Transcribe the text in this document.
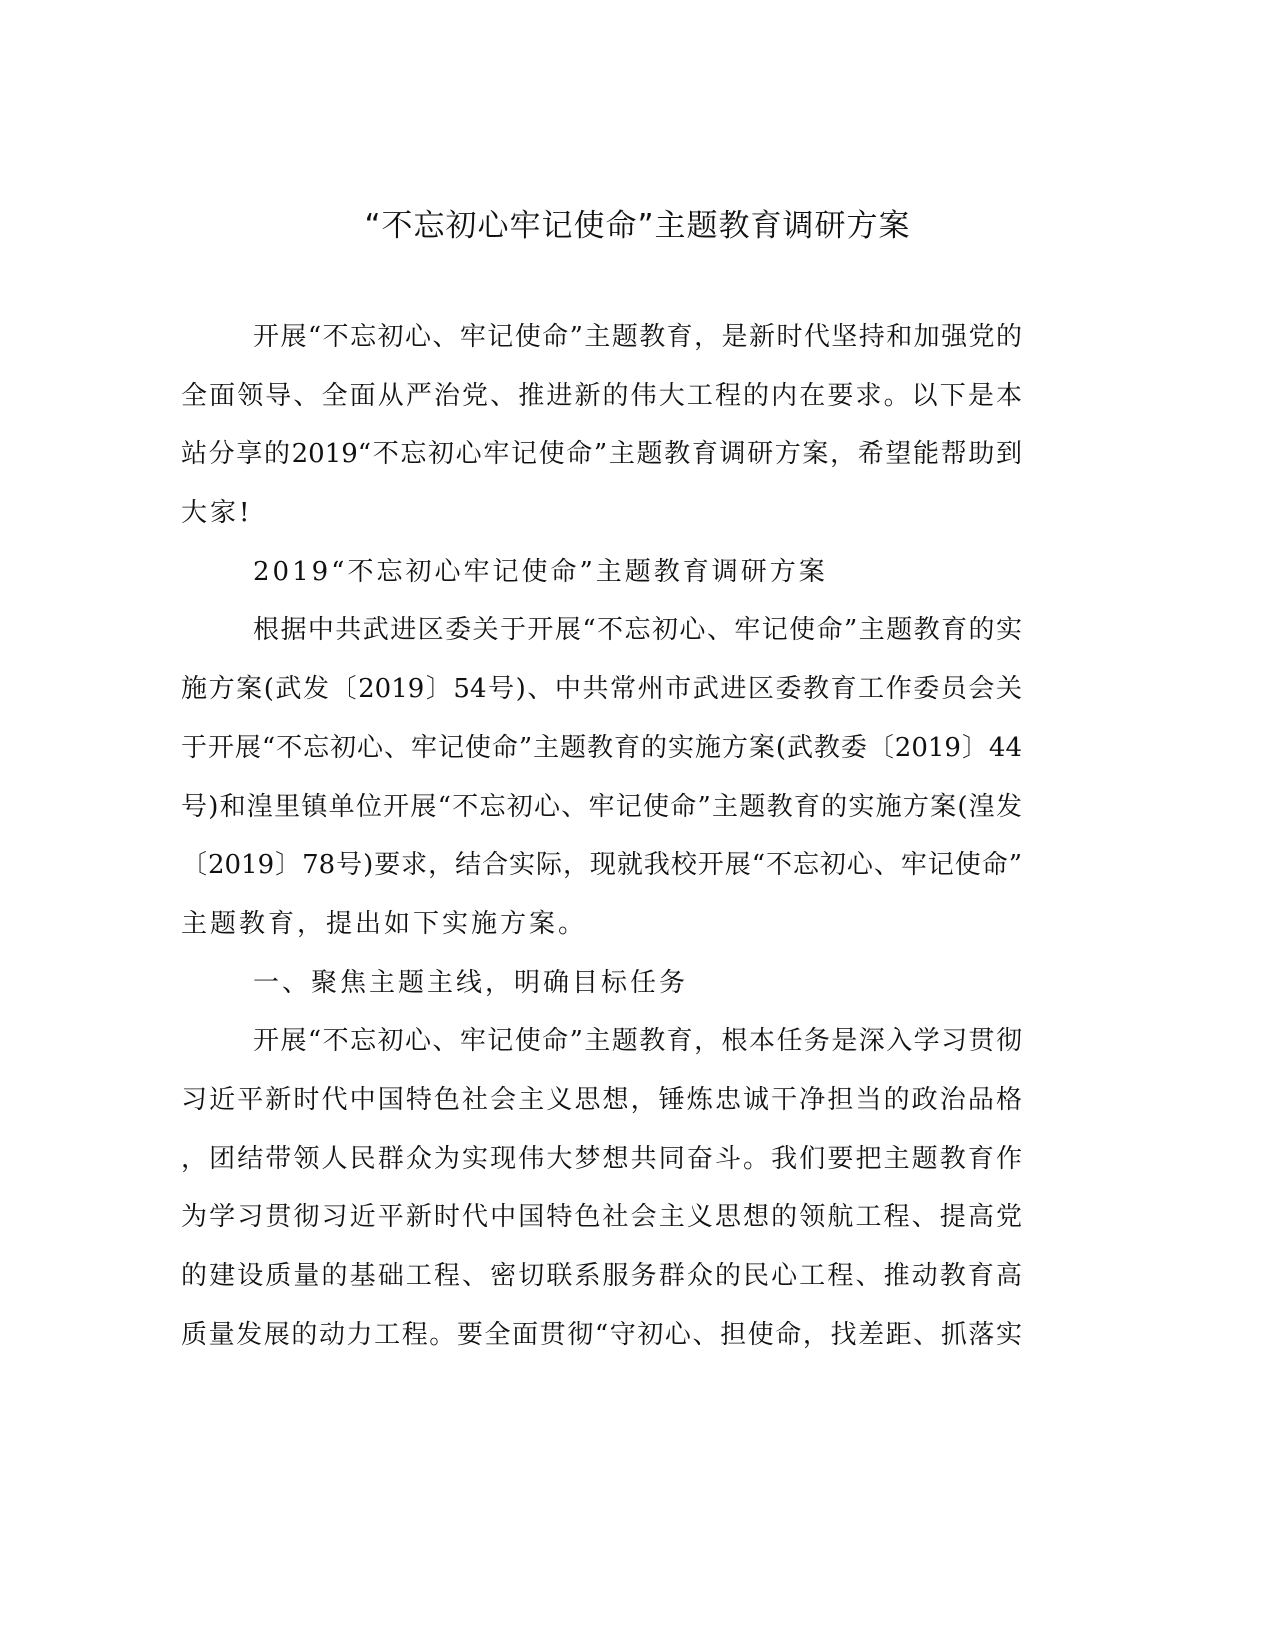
“不忘初心牢记使命”主题教育调研方案
开展“不忘初心、牢记使命”主题教育，是新时代坚持和加强党的
全面领导、全面从严治党、推进新的伟大工程的内在要求。以下是本
站分享的2019“不忘初心牢记使命”主题教育调研方案，希望能帮助到
大家!
2019“不忘初心牢记使命”主题教育调研方案
根据中共武进区委关于开展“不忘初心、牢记使命”主题教育的实
施方案(武发〔2019〕54号)、中共常州市武进区委教育工作委员会关
于开展“不忘初心、牢记使命”主题教育的实施方案(武教委〔2019〕44
号)和湟里镇单位开展“不忘初心、牢记使命”主题教育的实施方案(湟发
〔2019〕78号)要求，结合实际，现就我校开展“不忘初心、牢记使命”
主题教育，提出如下实施方案。
一、聚焦主题主线，明确目标任务
开展“不忘初心、牢记使命”主题教育，根本任务是深入学习贯彻
习近平新时代中国特色社会主义思想，锤炼忠诚干净担当的政治品格
，团结带领人民群众为实现伟大梦想共同奋斗。我们要把主题教育作
为学习贯彻习近平新时代中国特色社会主义思想的领航工程、提高党
的建设质量的基础工程、密切联系服务群众的民心工程、推动教育高
质量发展的动力工程。要全面贯彻“守初心、担使命，找差距、抓落实
